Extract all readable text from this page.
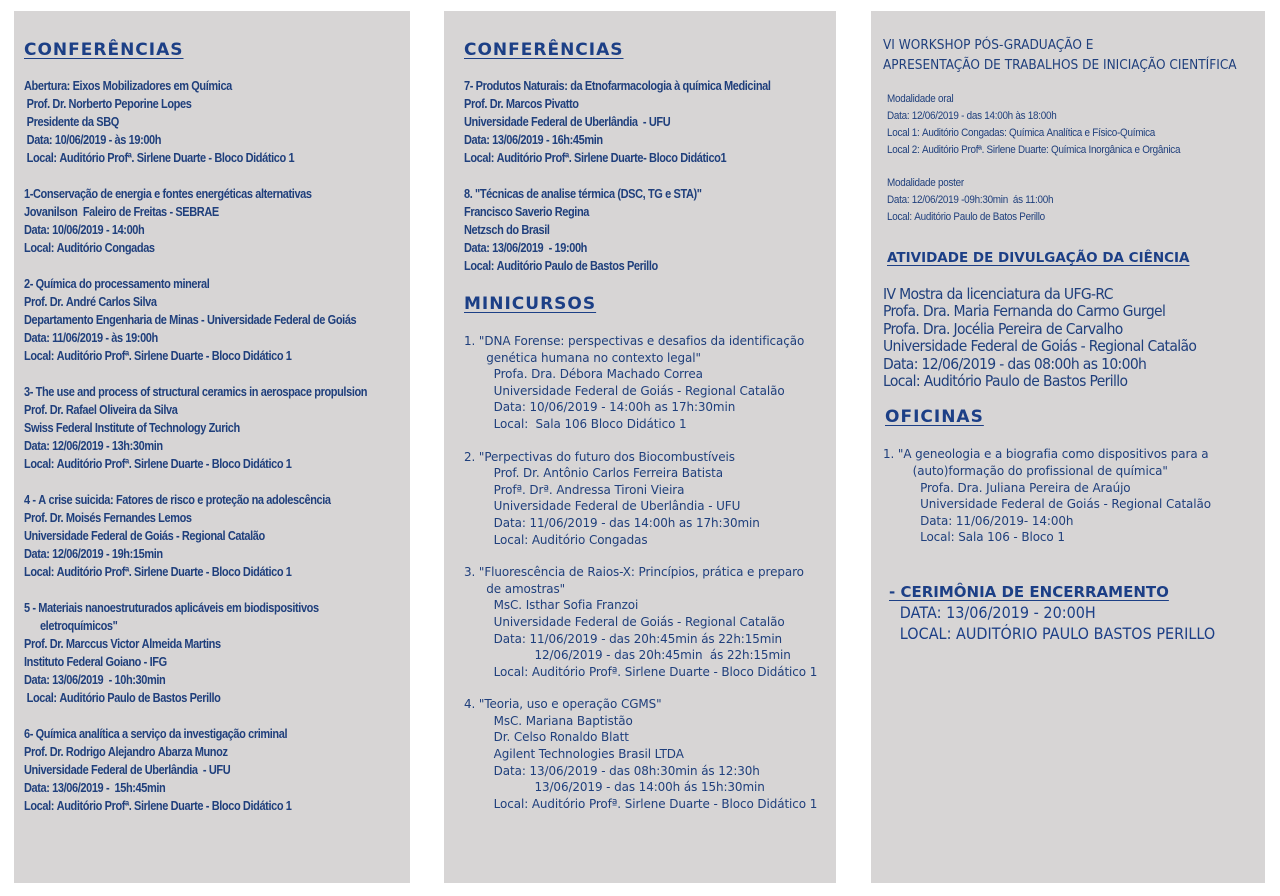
CONFERÊNCIAS
Abertura: Eixos Mobilizadores em Química
Prof. Dr. Norberto Peporine Lopes
Presidente da SBQ
Data: 10/06/2019 - às 19:00h
Local: Auditório Profª. Sirlene Duarte - Bloco Didático 1
1-Conservação de energia e fontes energéticas alternativas
Jovanilson  Faleiro de Freitas - SEBRAE
Data: 10/06/2019 - 14:00h
Local: Auditório Congadas
2- Química do processamento mineral
Prof. Dr. André Carlos Silva
Departamento Engenharia de Minas - Universidade Federal de Goiás
Data: 11/06/2019 - às 19:00h
Local: Auditório Profª. Sirlene Duarte - Bloco Didático 1
3- The use and process of structural ceramics in aerospace propulsion
Prof. Dr. Rafael Oliveira da Silva
Swiss Federal Institute of Technology Zurich
Data: 12/06/2019 - 13h:30min
Local: Auditório Profª. Sirlene Duarte - Bloco Didático 1
4 - A crise suicida: Fatores de risco e proteção na adolescência
Prof. Dr. Moisés Fernandes Lemos
Universidade Federal de Goiás - Regional Catalão
Data: 12/06/2019 - 19h:15min
Local: Auditório Profª. Sirlene Duarte - Bloco Didático 1
5 - Materiais nanoestruturados aplicáveis em biodispositivos
eletroquímicos"
Prof. Dr. Marccus Victor Almeida Martins
Instituto Federal Goiano - IFG
Data: 13/06/2019  - 10h:30min
Local: Auditório Paulo de Bastos Perillo
6- Química analítica a serviço da investigação criminal
Prof. Dr. Rodrigo Alejandro Abarza Munoz
Universidade Federal de Uberlândia  - UFU
Data: 13/06/2019 -  15h:45min
Local: Auditório Profª. Sirlene Duarte - Bloco Didático 1
CONFERÊNCIAS
7- Produtos Naturais: da Etnofarmacologia à química Medicinal
Prof. Dr. Marcos Pivatto
Universidade Federal de Uberlândia  - UFU
Data: 13/06/2019 - 16h:45min
Local: Auditório Profª. Sirlene Duarte- Bloco Didático1
8. "Técnicas de analise térmica (DSC, TG e STA)"
Francisco Saverio Regina
Netzsch do Brasil
Data: 13/06/2019  - 19:00h
Local: Auditório Paulo de Bastos Perillo
MINICURSOS
1. "DNA Forense: perspectivas e desafios da identificação
genética humana no contexto legal"
Profa. Dra. Débora Machado Correa
Universidade Federal de Goiás - Regional Catalão
Data: 10/06/2019 - 14:00h as 17h:30min
Local:  Sala 106 Bloco Didático 1
2. "Perpectivas do futuro dos Biocombustíveis
Prof. Dr. Antônio Carlos Ferreira Batista
Profª. Drª. Andressa Tironi Vieira
Universidade Federal de Uberlândia - UFU
Data: 11/06/2019 - das 14:00h as 17h:30min
Local: Auditório Congadas
3. "Fluorescência de Raios-X: Princípios, prática e preparo
de amostras"
MsC. Isthar Sofia Franzoi
Universidade Federal de Goiás - Regional Catalão
Data: 11/06/2019 - das 20h:45min ás 22h:15min
12/06/2019 - das 20h:45min  ás 22h:15min
Local: Auditório Profª. Sirlene Duarte - Bloco Didático 1
4. "Teoria, uso e operação CGMS"
MsC. Mariana Baptistão
Dr. Celso Ronaldo Blatt
Agilent Technologies Brasil LTDA
Data: 13/06/2019 - das 08h:30min ás 12:30h
13/06/2019 - das 14:00h ás 15h:30min
Local: Auditório Profª. Sirlene Duarte - Bloco Didático 1
VI WORKSHOP PÓS-GRADUAÇÃO E
APRESENTAÇÃO DE TRABALHOS DE INICIAÇÃO CIENTÍFICA
Modalidade oral
Data: 12/06/2019 - das 14:00h às 18:00h
Local 1: Auditório Congadas: Química Analítica e Físico-Química
Local 2: Auditório Profª. Sirlene Duarte: Química Inorgânica e Orgânica
Modalidade poster
Data: 12/06/2019 -09h:30min  ás 11:00h
Local: Auditório Paulo de Batos Perillo
ATIVIDADE DE DIVULGAÇÃO DA CIÊNCIA
IV Mostra da licenciatura da UFG-RC
Profa. Dra. Maria Fernanda do Carmo Gurgel
Profa. Dra. Jocélia Pereira de Carvalho
Universidade Federal de Goiás - Regional Catalão
Data: 12/06/2019 - das 08:00h as 10:00h
Local: Auditório Paulo de Bastos Perillo
OFICINAS
1. "A geneologia e a biografia como dispositivos para a
(auto)formação do profissional de química"
Profa. Dra. Juliana Pereira de Araújo
Universidade Federal de Goiás - Regional Catalão
Data: 11/06/2019- 14:00h
Local: Sala 106 - Bloco 1
- CERIMÔNIA DE ENCERRAMENTO
DATA: 13/06/2019 - 20:00H
LOCAL: AUDITÓRIO PAULO BASTOS PERILLO
